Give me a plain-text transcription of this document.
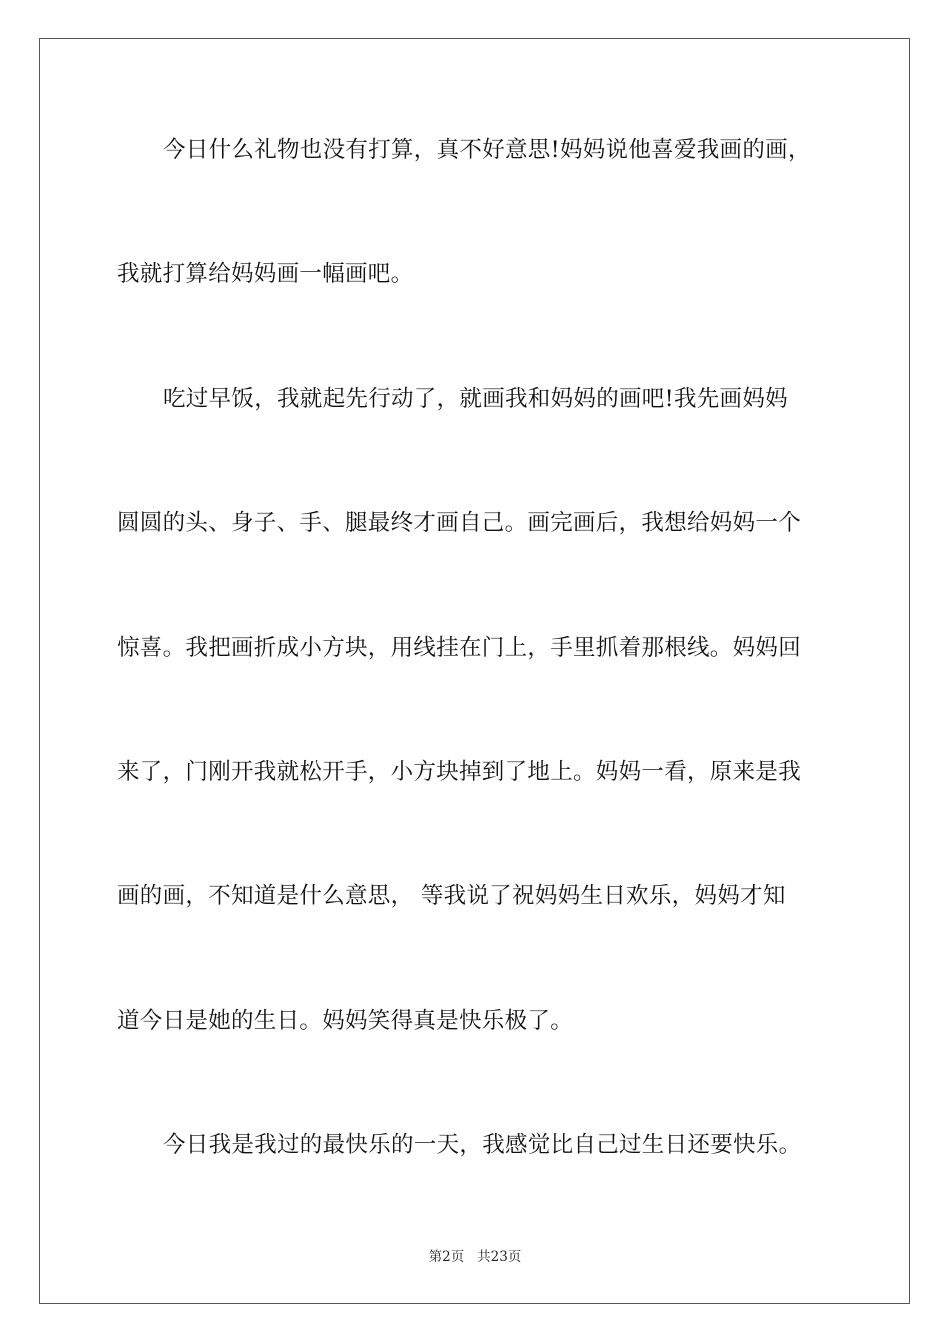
今日什么礼物也没有打算，真不好意思!妈妈说他喜爱我画的画，
我就打算给妈妈画一幅画吧。
吃过早饭，我就起先行动了，就画我和妈妈的画吧!我先画妈妈
圆圆的头、身子、手、腿最终才画自己。画完画后，我想给妈妈一个
惊喜。我把画折成小方块，用线挂在门上，手里抓着那根线。妈妈回
来了，门刚开我就松开手，小方块掉到了地上。妈妈一看，原来是我
画的画，不知道是什么意思， 等我说了祝妈妈生日欢乐，妈妈才知
道今日是她的生日。妈妈笑得真是快乐极了。
今日我是我过的最快乐的一天，我感觉比自己过生日还要快乐。
第2页 共23页
